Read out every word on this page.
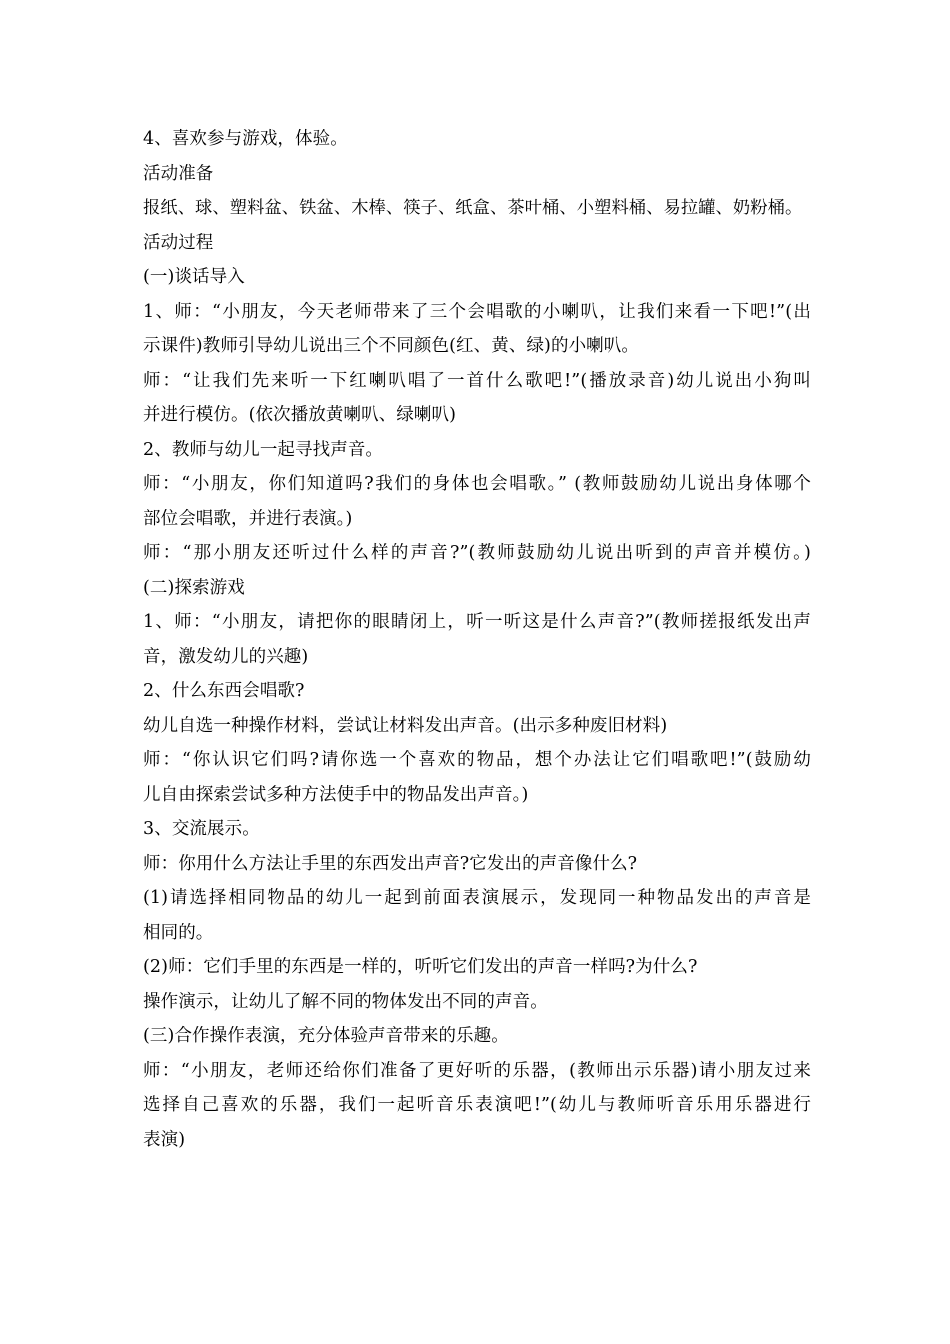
4、喜欢参与游戏，体验。
活动准备
报纸、球、塑料盆、铁盆、木棒、筷子、纸盒、茶叶桶、小塑料桶、易拉罐、奶粉桶。
活动过程
(一)谈话导入
1、师：“小朋友，今天老师带来了三个会唱歌的小喇叭，让我们来看一下吧!”(出
示课件)教师引导幼儿说出三个不同颜色(红、黄、绿)的小喇叭。
师：“让我们先来听一下红喇叭唱了一首什么歌吧!”(播放录音)幼儿说出小狗叫
并进行模仿。(依次播放黄喇叭、绿喇叭)
2、教师与幼儿一起寻找声音。
师：“小朋友，你们知道吗?我们的身体也会唱歌。” (教师鼓励幼儿说出身体哪个
部位会唱歌，并进行表演。)
师：“那小朋友还听过什么样的声音?”(教师鼓励幼儿说出听到的声音并模仿。)
(二)探索游戏
1、师：“小朋友，请把你的眼睛闭上，听一听这是什么声音?”(教师搓报纸发出声
音，激发幼儿的兴趣)
2、什么东西会唱歌?
幼儿自选一种操作材料，尝试让材料发出声音。(出示多种废旧材料)
师：“你认识它们吗?请你选一个喜欢的物品，想个办法让它们唱歌吧!”(鼓励幼
儿自由探索尝试多种方法使手中的物品发出声音。)
3、交流展示。
师：你用什么方法让手里的东西发出声音?它发出的声音像什么?
(1)请选择相同物品的幼儿一起到前面表演展示，发现同一种物品发出的声音是
相同的。
(2)师：它们手里的东西是一样的，听听它们发出的声音一样吗?为什么?
操作演示，让幼儿了解不同的物体发出不同的声音。
(三)合作操作表演，充分体验声音带来的乐趣。
师：“小朋友，老师还给你们准备了更好听的乐器，(教师出示乐器)请小朋友过来
选择自己喜欢的乐器，我们一起听音乐表演吧!”(幼儿与教师听音乐用乐器进行
表演)
